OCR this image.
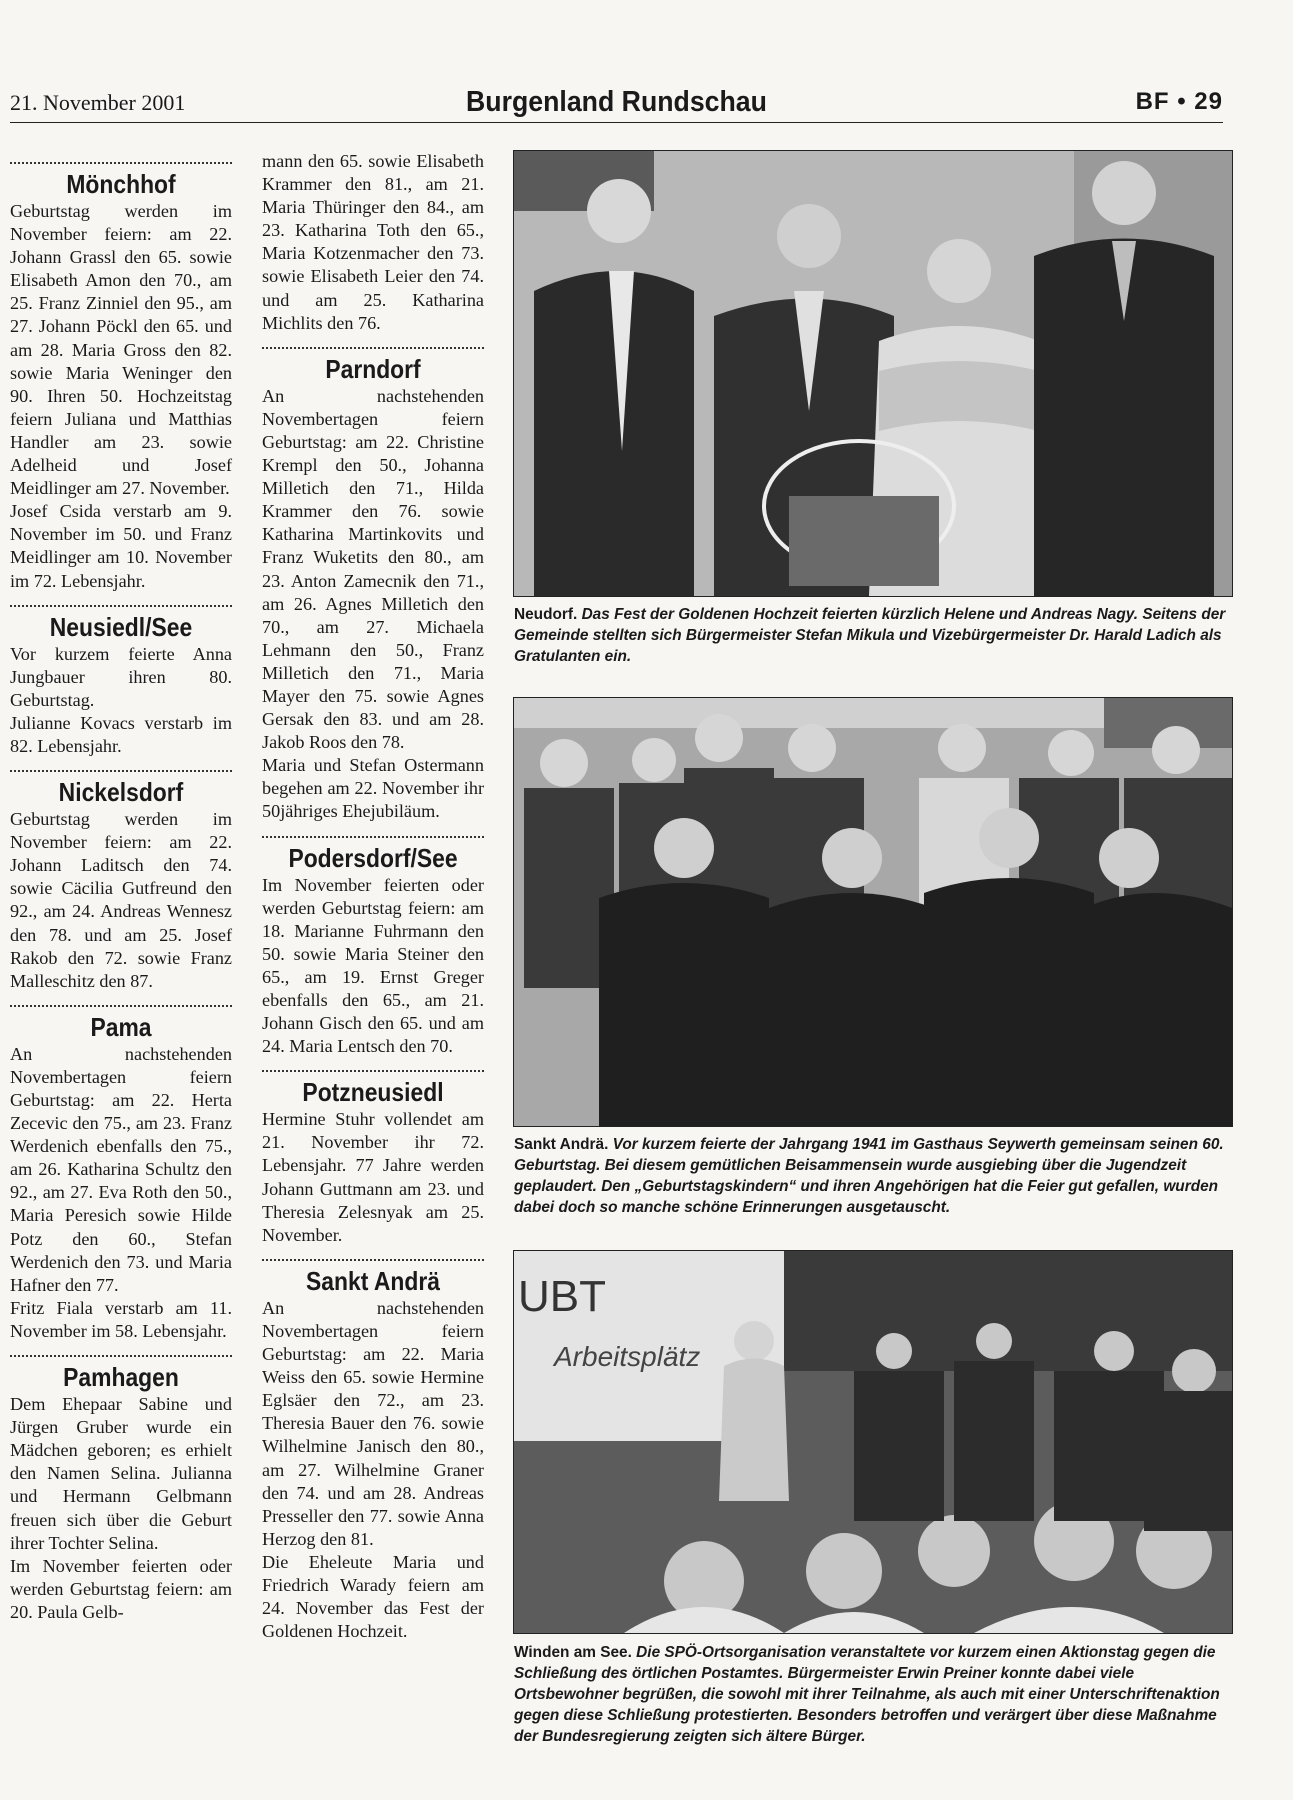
21. November 2001	Burgenland Rundschau	BF • 29
Mönchhof

Geburtstag werden im November feiern: am 22. Johann Grassl den 65. sowie Elisabeth Amon den 70., am 25. Franz Zinniel den 95., am 27. Johann Pöckl den 65. und am 28. Maria Gross den 82. sowie Maria Weninger den 90. Ihren 50. Hochzeitstag feiern Juliana und Matthias Handler am 23. sowie Adelheid und Josef Meidlinger am 27. November.

Josef Csida verstarb am 9. November im 50. und Franz Meidlinger am 10. November im 72. Lebensjahr.

Neusiedl/See

Vor kurzem feierte Anna Jungbauer ihren 80. Geburtstag.

Julianne Kovacs verstarb im 82. Lebensjahr.

Nickelsdorf

Geburtstag werden im November feiern: am 22. Johann Laditsch den 74. sowie Cäcilia Gutfreund den 92., am 24. Andreas Wennesz den 78. und am 25. Josef Rakob den 72. sowie Franz Malleschitz den 87.

Pama

An nachstehenden Novembertagen feiern Geburtstag: am 22. Herta Zecevic den 75., am 23. Franz Werdenich ebenfalls den 75., am 26. Katharina Schultz den 92., am 27. Eva Roth den 50., Maria Peresich sowie Hilde Potz den 60., Stefan Werdenich den 73. und Maria Hafner den 77.

Fritz Fiala verstarb am 11. November im 58. Lebensjahr.

Pamhagen

Dem Ehepaar Sabine und Jürgen Gruber wurde ein Mädchen geboren; es erhielt den Namen Selina. Julianna und Hermann Gelbmann freuen sich über die Geburt ihrer Tochter Selina.

Im November feierten oder werden Geburtstag feiern: am 20. Paula Gelb-

mann den 65. sowie Elisabeth Krammer den 81., am 21. Maria Thüringer den 84., am 23. Katharina Toth den 65., Maria Kotzenmacher den 73. sowie Elisabeth Leier den 74. und am 25. Katharina Michlits den 76.

Parndorf

An nachstehenden Novembertagen feiern Geburtstag: am 22. Christine Krempl den 50., Johanna Milletich den 71., Hilda Krammer den 76. sowie Katharina Martinkovits und Franz Wuketits den 80., am 23. Anton Zamecnik den 71., am 26. Agnes Milletich den 70., am 27. Michaela Lehmann den 50., Franz Milletich den 71., Maria Mayer den 75. sowie Agnes Gersak den 83. und am 28. Jakob Roos den 78.

Maria und Stefan Ostermann begehen am 22. November ihr 50jähriges Ehejubiläum.

Podersdorf/See

Im November feierten oder werden Geburtstag feiern: am 18. Marianne Fuhrmann den 50. sowie Maria Steiner den 65., am 19. Ernst Greger ebenfalls den 65., am 21. Johann Gisch den 65. und am 24. Maria Lentsch den 70.

Potzneusiedl

Hermine Stuhr vollendet am 21. November ihr 72. Lebensjahr. 77 Jahre werden Johann Guttmann am 23. und Theresia Zelesnyak am 25. November.

Sankt Andrä

An nachstehenden Novembertagen feiern Geburtstag: am 22. Maria Weiss den 65. sowie Hermine Eglsäer den 72., am 23. Theresia Bauer den 76. sowie Wilhelmine Janisch den 80., am 27. Wilhelmine Graner den 74. und am 28. Andreas Presseller den 77. sowie Anna Herzog den 81.

Die Eheleute Maria und Friedrich Warady feiern am 24. November das Fest der Goldenen Hochzeit.

Neudorf. Das Fest der Goldenen Hochzeit feierten kürzlich Helene und Andreas Nagy. Seitens der Gemeinde stellten sich Bürgermeister Stefan Mikula und Vizebürgermeister Dr. Harald Ladich als Gratulanten ein.
Sankt Andrä. Vor kurzem feierte der Jahrgang 1941 im Gasthaus Seywerth gemeinsam seinen 60. Geburtstag. Bei diesem gemütlichen Beisammensein wurde ausgiebing über die Jugendzeit geplaudert. Den „Geburtstagskindern“ und ihren Angehörigen hat die Feier gut gefallen, wurden dabei doch so manche schöne Erinnerungen ausgetauscht.
UBT
Arbeitsplätz
Winden am See. Die SPÖ-Ortsorganisation veranstaltete vor kurzem einen Aktionstag gegen die Schließung des örtlichen Postamtes. Bürgermeister Erwin Preiner konnte dabei viele Ortsbewohner begrüßen, die sowohl mit ihrer Teilnahme, als auch mit einer Unterschriftenaktion gegen diese Schließung protestierten. Besonders betroffen und verärgert über diese Maßnahme der Bundesregierung zeigten sich ältere Bürger.
